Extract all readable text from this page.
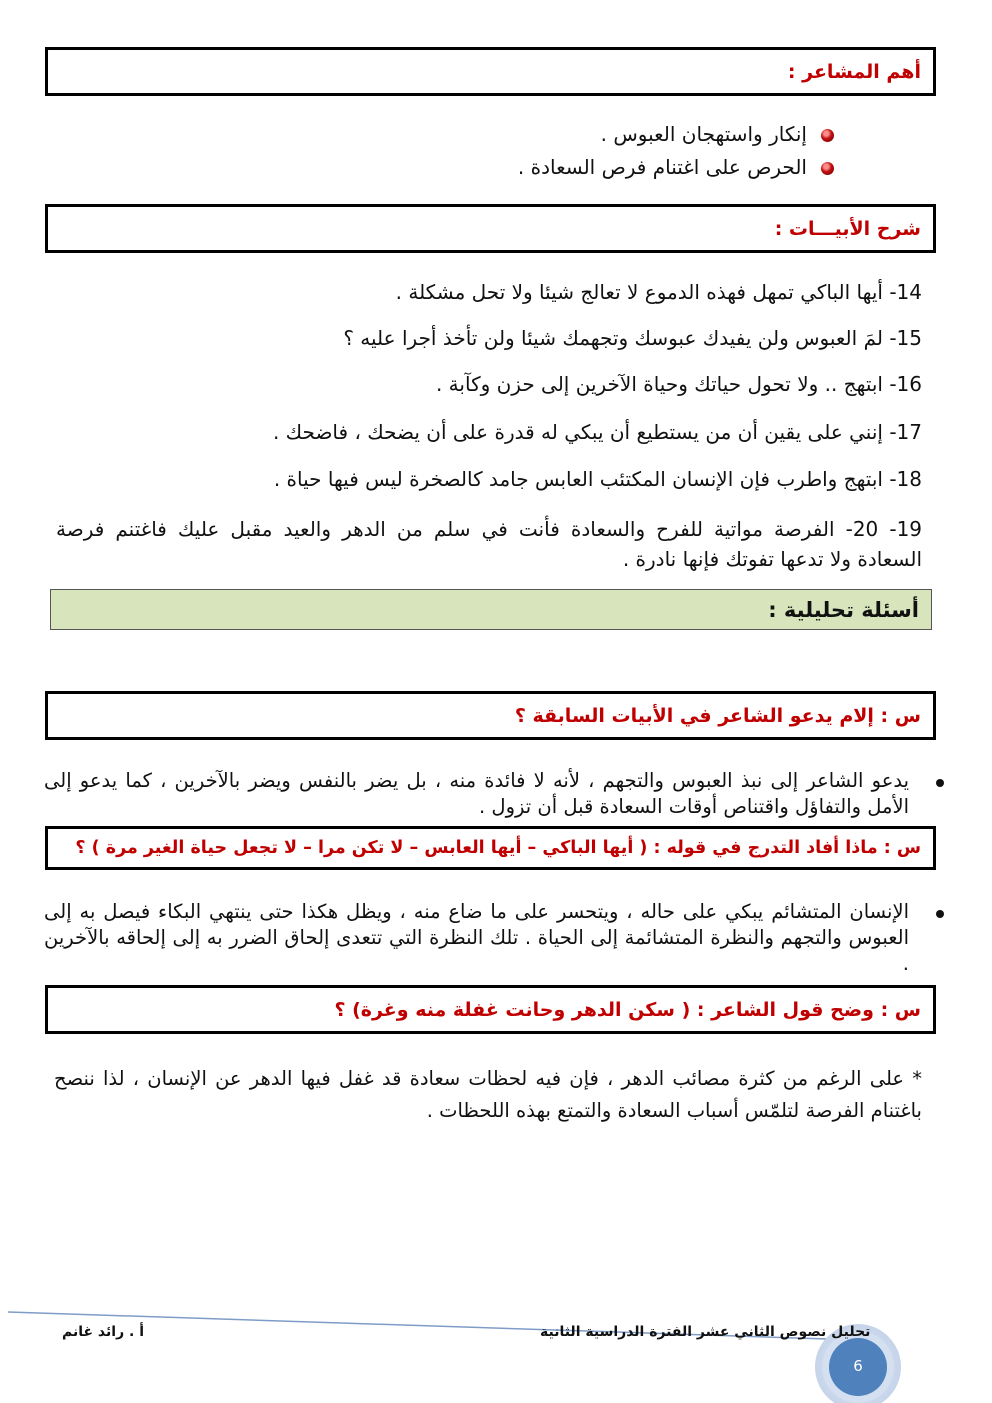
أهم المشاعر :
إنكار واستهجان العبوس .
الحرص على اغتنام فرص السعادة .
شرح الأبيـــات :
14- أيها الباكي تمهل فهذه الدموع لا تعالج شيئا ولا تحل مشكلة .
15- لمَ العبوس ولن يفيدك عبوسك وتجهمك شيئا ولن تأخذ أجرا عليه ؟
16- ابتهج .. ولا تحول حياتك وحياة الآخرين إلى حزن وكآبة .
17- إنني على يقين أن من يستطيع أن يبكي له قدرة على أن يضحك ، فاضحك .
18- ابتهج واطرب فإن الإنسان المكتئب العابس جامد كالصخرة ليس فيها حياة .
19- 20- الفرصة مواتية للفرح والسعادة فأنت في سلم من الدهر والعيد مقبل عليك فاغتنم فرصة السعادة ولا تدعها تفوتك فإنها نادرة .
أسئلة تحليلية :
س : إلام يدعو الشاعر في الأبيات السابقة ؟
يدعو الشاعر إلى نبذ العبوس والتجهم ، لأنه لا فائدة منه ، بل يضر بالنفس ويضر بالآخرين ، كما يدعو إلى الأمل والتفاؤل واقتناص أوقات السعادة قبل أن تزول .
س : ماذا أفاد التدرج في قوله : ( أيها الباكي – أيها العابس – لا تكن مرا – لا تجعل حياة الغير مرة ) ؟
الإنسان المتشائم يبكي على حاله ، ويتحسر على ما ضاع منه ، ويظل هكذا حتى ينتهي البكاء فيصل به إلى العبوس والتجهم والنظرة المتشائمة إلى الحياة . تلك النظرة التي تتعدى إلحاق الضرر به إلى إلحاقه بالآخرين .
س : وضح قول الشاعر : ( سكن الدهر وحانت غفلة منه وغرة) ؟
* على الرغم من كثرة مصائب الدهر ، فإن فيه لحظات سعادة قد غفل فيها الدهر عن الإنسان ، لذا ننصح باغتنام الفرصة لتلمّس أسباب السعادة والتمتع بهذه اللحظات .
تحليل نصوص الثاني عشر الفترة الدراسية الثانية
أ . رائد غانم
6
